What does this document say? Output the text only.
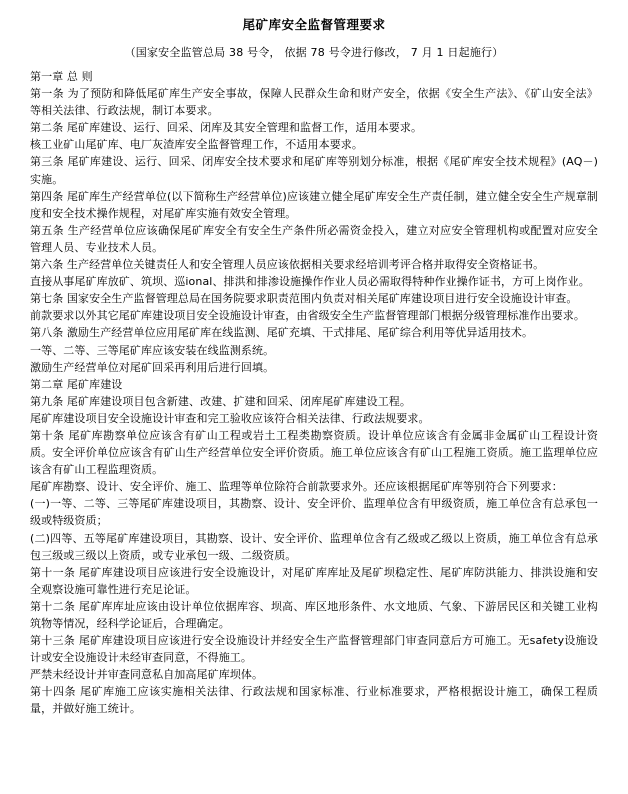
尾矿库安全监督管理要求
（国家安全监管总局 38 号令， 依据 78 号令进行修改， 7 月 1 日起施行）

第一章 总 则

第一条 为了预防和降低尾矿库生产安全事故，保障人民群众生命和财产安全，依据《安全生产法》、《矿山安全法》等相关法律、行政法规，制订本要求。

第二条 尾矿库建设、运行、回采、闭库及其安全管理和监督工作，适用本要求。

核工业矿山尾矿库、电厂灰渣库安全监督管理工作，不适用本要求。

第三条 尾矿库建设、运行、回采、闭库安全技术要求和尾矿库等别划分标准，根据《尾矿库安全技术规程》(AQ－) 实施。

第四条 尾矿库生产经营单位(以下简称生产经营单位)应该建立健全尾矿库安全生产责任制，建立健全安全生产规章制度和安全技术操作规程，对尾矿库实施有效安全管理。

第五条 生产经营单位应该确保尾矿库安全有安全生产条件所必需资金投入，建立对应安全管理机构或配置对应安全管理人员、专业技术人员。

第六条 生产经营单位关键责任人和安全管理人员应该依据相关要求经培训考评合格并取得安全资格证书。

直接从事尾矿库放矿、筑坝、巡ional、排洪和排渗设施操作作业人员必需取得特种作业操作证书，方可上岗作业。

第七条 国家安全生产监督管理总局在国务院要求职责范围内负责对相关尾矿库建设项目进行安全设施设计审查。

前款要求以外其它尾矿库建设项目安全设施设计审查，由省级安全生产监督管理部门根据分级管理标准作出要求。

第八条 激励生产经营单位应用尾矿库在线监测、尾矿充填、干式排尾、尾矿综合利用等优异适用技术。

一等、二等、三等尾矿库应该安装在线监测系统。

激励生产经营单位对尾矿回采再利用后进行回填。

第二章 尾矿库建设

第九条 尾矿库建设项目包含新建、改建、扩建和回采、闭库尾矿库建设工程。

尾矿库建设项目安全设施设计审查和完工验收应该符合相关法律、行政法规要求。

第十条 尾矿库勘察单位应该含有矿山工程或岩土工程类勘察资质。设计单位应该含有金属非金属矿山工程设计资质。安全评价单位应该含有矿山生产经营单位安全评价资质。施工单位应该含有矿山工程施工资质。施工监理单位应该含有矿山工程监理资质。

尾矿库勘察、设计、安全评价、施工、监理等单位除符合前款要求外。还应该根据尾矿库等别符合下列要求：

(一)一等、二等、三等尾矿库建设项目，其勘察、设计、安全评价、监理单位含有甲级资质，施工单位含有总承包一级或特级资质；

(二)四等、五等尾矿库建设项目，其勘察、设计、安全评价、监理单位含有乙级或乙级以上资质，施工单位含有总承包三级或三级以上资质，或专业承包一级、二级资质。

第十一条 尾矿库建设项目应该进行安全设施设计，对尾矿库库址及尾矿坝稳定性、尾矿库防洪能力、排洪设施和安全观察设施可靠性进行充足论证。

第十二条 尾矿库库址应该由设计单位依据库容、坝高、库区地形条件、水文地质、气象、下游居民区和关键工业构筑物等情况，经科学论证后，合理确定。

第十三条 尾矿库建设项目应该进行安全设施设计并经安全生产监督管理部门审查同意后方可施工。无safety设施设计或安全设施设计未经审查同意，不得施工。

严禁未经设计并审查同意私自加高尾矿库坝体。

第十四条 尾矿库施工应该实施相关法律、行政法规和国家标准、行业标准要求，严格根据设计施工，确保工程质量，并做好施工统计。
